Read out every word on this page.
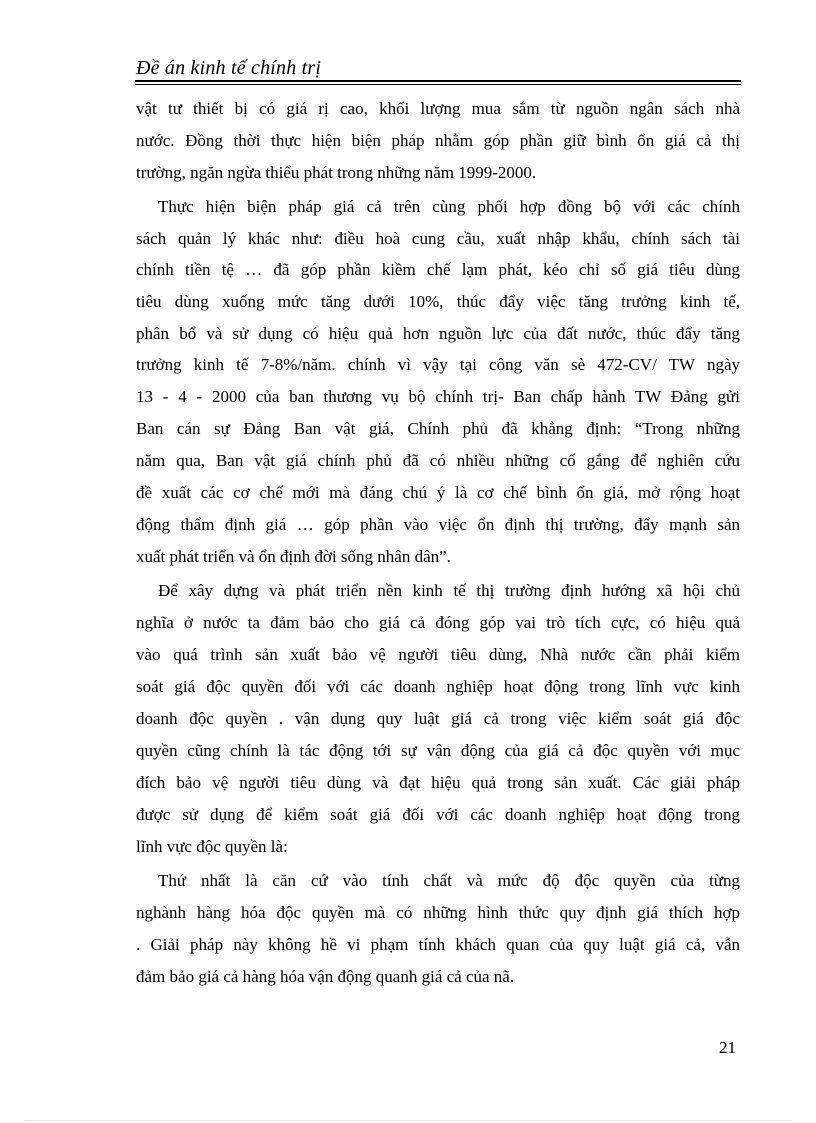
Đề án kinh tế chính trị
vật tư thiết bị có giá rị cao, khối lượng mua sắm từ nguồn ngân sách nhà
nước. Đồng thời thực hiện biện pháp nhằm góp phần giữ bình ổn giá cả thị
trường, ngăn ngừa thiểu phát trong những năm 1999-2000.
Thực hiện biện pháp giá cả trên cùng phối hợp đồng bộ với các chính
sách quản lý khác như: điều hoà cung cầu, xuất nhập khẩu, chính sách tài
chính tiền tệ … đã góp phần kiềm chế lạm phát, kéo chỉ số giá tiêu dùng
tiêu dùng xuống mức tăng dưới 10%, thúc đẩy việc tăng trưởng kinh tế,
phân bổ và sử dụng có hiệu quả hơn nguồn lực của đất nước, thúc đẩy tăng
trưởng kinh tế 7-8%/năm. chính vì vậy tại công văn sè 472-CV/ TW ngày
13 - 4 - 2000 của ban thương vụ bộ chính trị- Ban chấp hành TW Đảng gửi
Ban cán sự Đảng Ban vật giá, Chính phủ đã khẳng định: “Trong những
năm qua, Ban vật giá chính phủ đã có nhiều những cố gắng để nghiên cứu
đề xuất các cơ chế mới mà đáng chú ý là cơ chế bình ổn giá, mở rộng hoạt
động thẩm định giá … góp phần vào việc ổn định thị trường, đẩy mạnh sản
xuất phát triển và ổn định đời sống nhân dân”.
Để xây dựng và phát triển nền kinh tế thị trường định hướng xã hội chủ
nghĩa ở nước ta đảm bảo cho giá cả đóng góp vai trò tích cực, có hiệu quả
vào quá trình sản xuất bảo vệ người tiêu dùng, Nhà nước cần phải kiểm
soát giá độc quyền đối với các doanh nghiệp hoạt động trong lĩnh vực kinh
doanh độc quyền . vận dụng quy luật giá cả trong việc kiểm soát giá độc
quyền cũng chính là tác động tới sự vận động của giá cả độc quyền với mục
đích bảo vệ người tiêu dùng và đạt hiệu quả trong sản xuất. Các giải pháp
được sử dụng để kiểm soát giá đối với các doanh nghiệp hoạt động trong
lĩnh vực độc quyền là:
Thứ nhất là căn cứ vào tính chất và mức độ độc quyền của từng
nghành hàng hóa độc quyền mà có những hình thức quy định giá thích hợp
. Giải pháp này không hề vi phạm tính khách quan của quy luật giá cả, vẫn
đảm bảo giá cả hàng hóa vận động quanh giá cả của nã.
21
